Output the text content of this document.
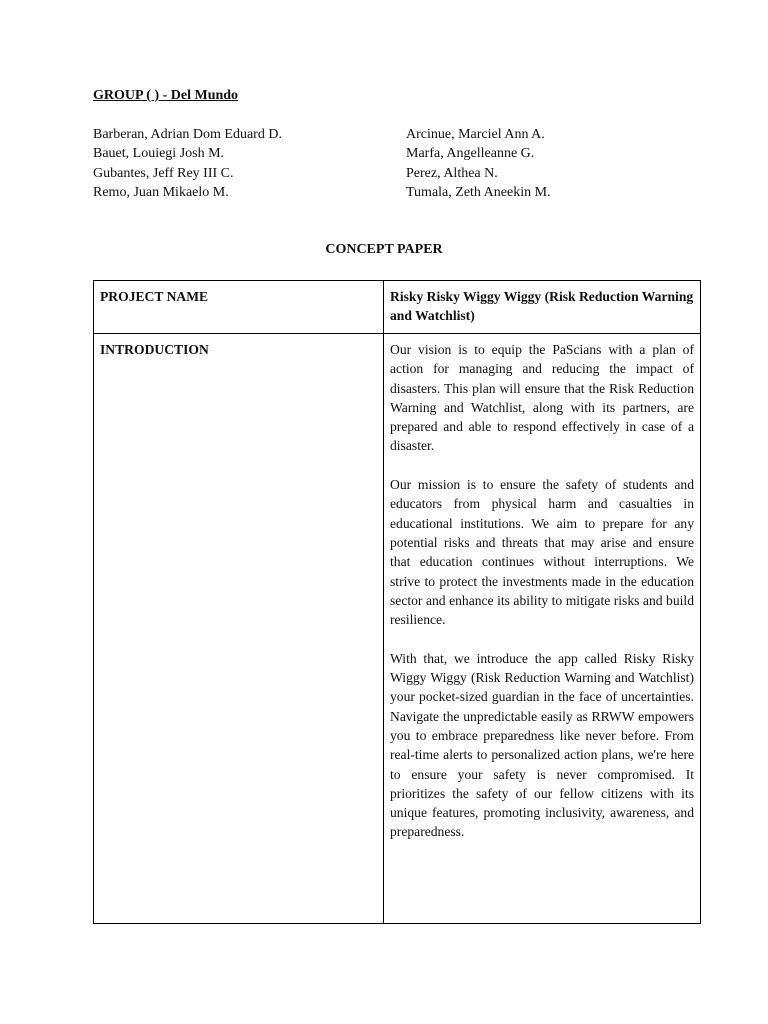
GROUP ( ) - Del Mundo
Barberan, Adrian Dom Eduard D.
Bauet, Louiegi Josh M.
Gubantes, Jeff Rey III C.
Remo, Juan Mikaelo M.
Arcinue, Marciel Ann A.
Marfa, Angelleanne G.
Perez, Althea N.
Tumala, Zeth Aneekin M.
CONCEPT PAPER
PROJECT NAME	Risky Risky Wiggy Wiggy (Risk Reduction Warning and Watchlist)
INTRODUCTION	Our vision is to equip the PaScians with a plan of action for managing and reducing the impact of disasters. This plan will ensure that the Risk Reduction Warning and Watchlist, along with its partners, are prepared and able to respond effectively in case of a disaster.

Our mission is to ensure the safety of students and educators from physical harm and casualties in educational institutions. We aim to prepare for any potential risks and threats that may arise and ensure that education continues without interruptions. We strive to protect the investments made in the education sector and enhance its ability to mitigate risks and build resilience.

With that, we introduce the app called Risky Risky Wiggy Wiggy (Risk Reduction Warning and Watchlist) your pocket-sized guardian in the face of uncertainties. Navigate the unpredictable easily as RRWW empowers you to embrace preparedness like never before. From real-time alerts to personalized action plans, we're here to ensure your safety is never compromised. It prioritizes the safety of our fellow citizens with its unique features, promoting inclusivity, awareness, and preparedness.
